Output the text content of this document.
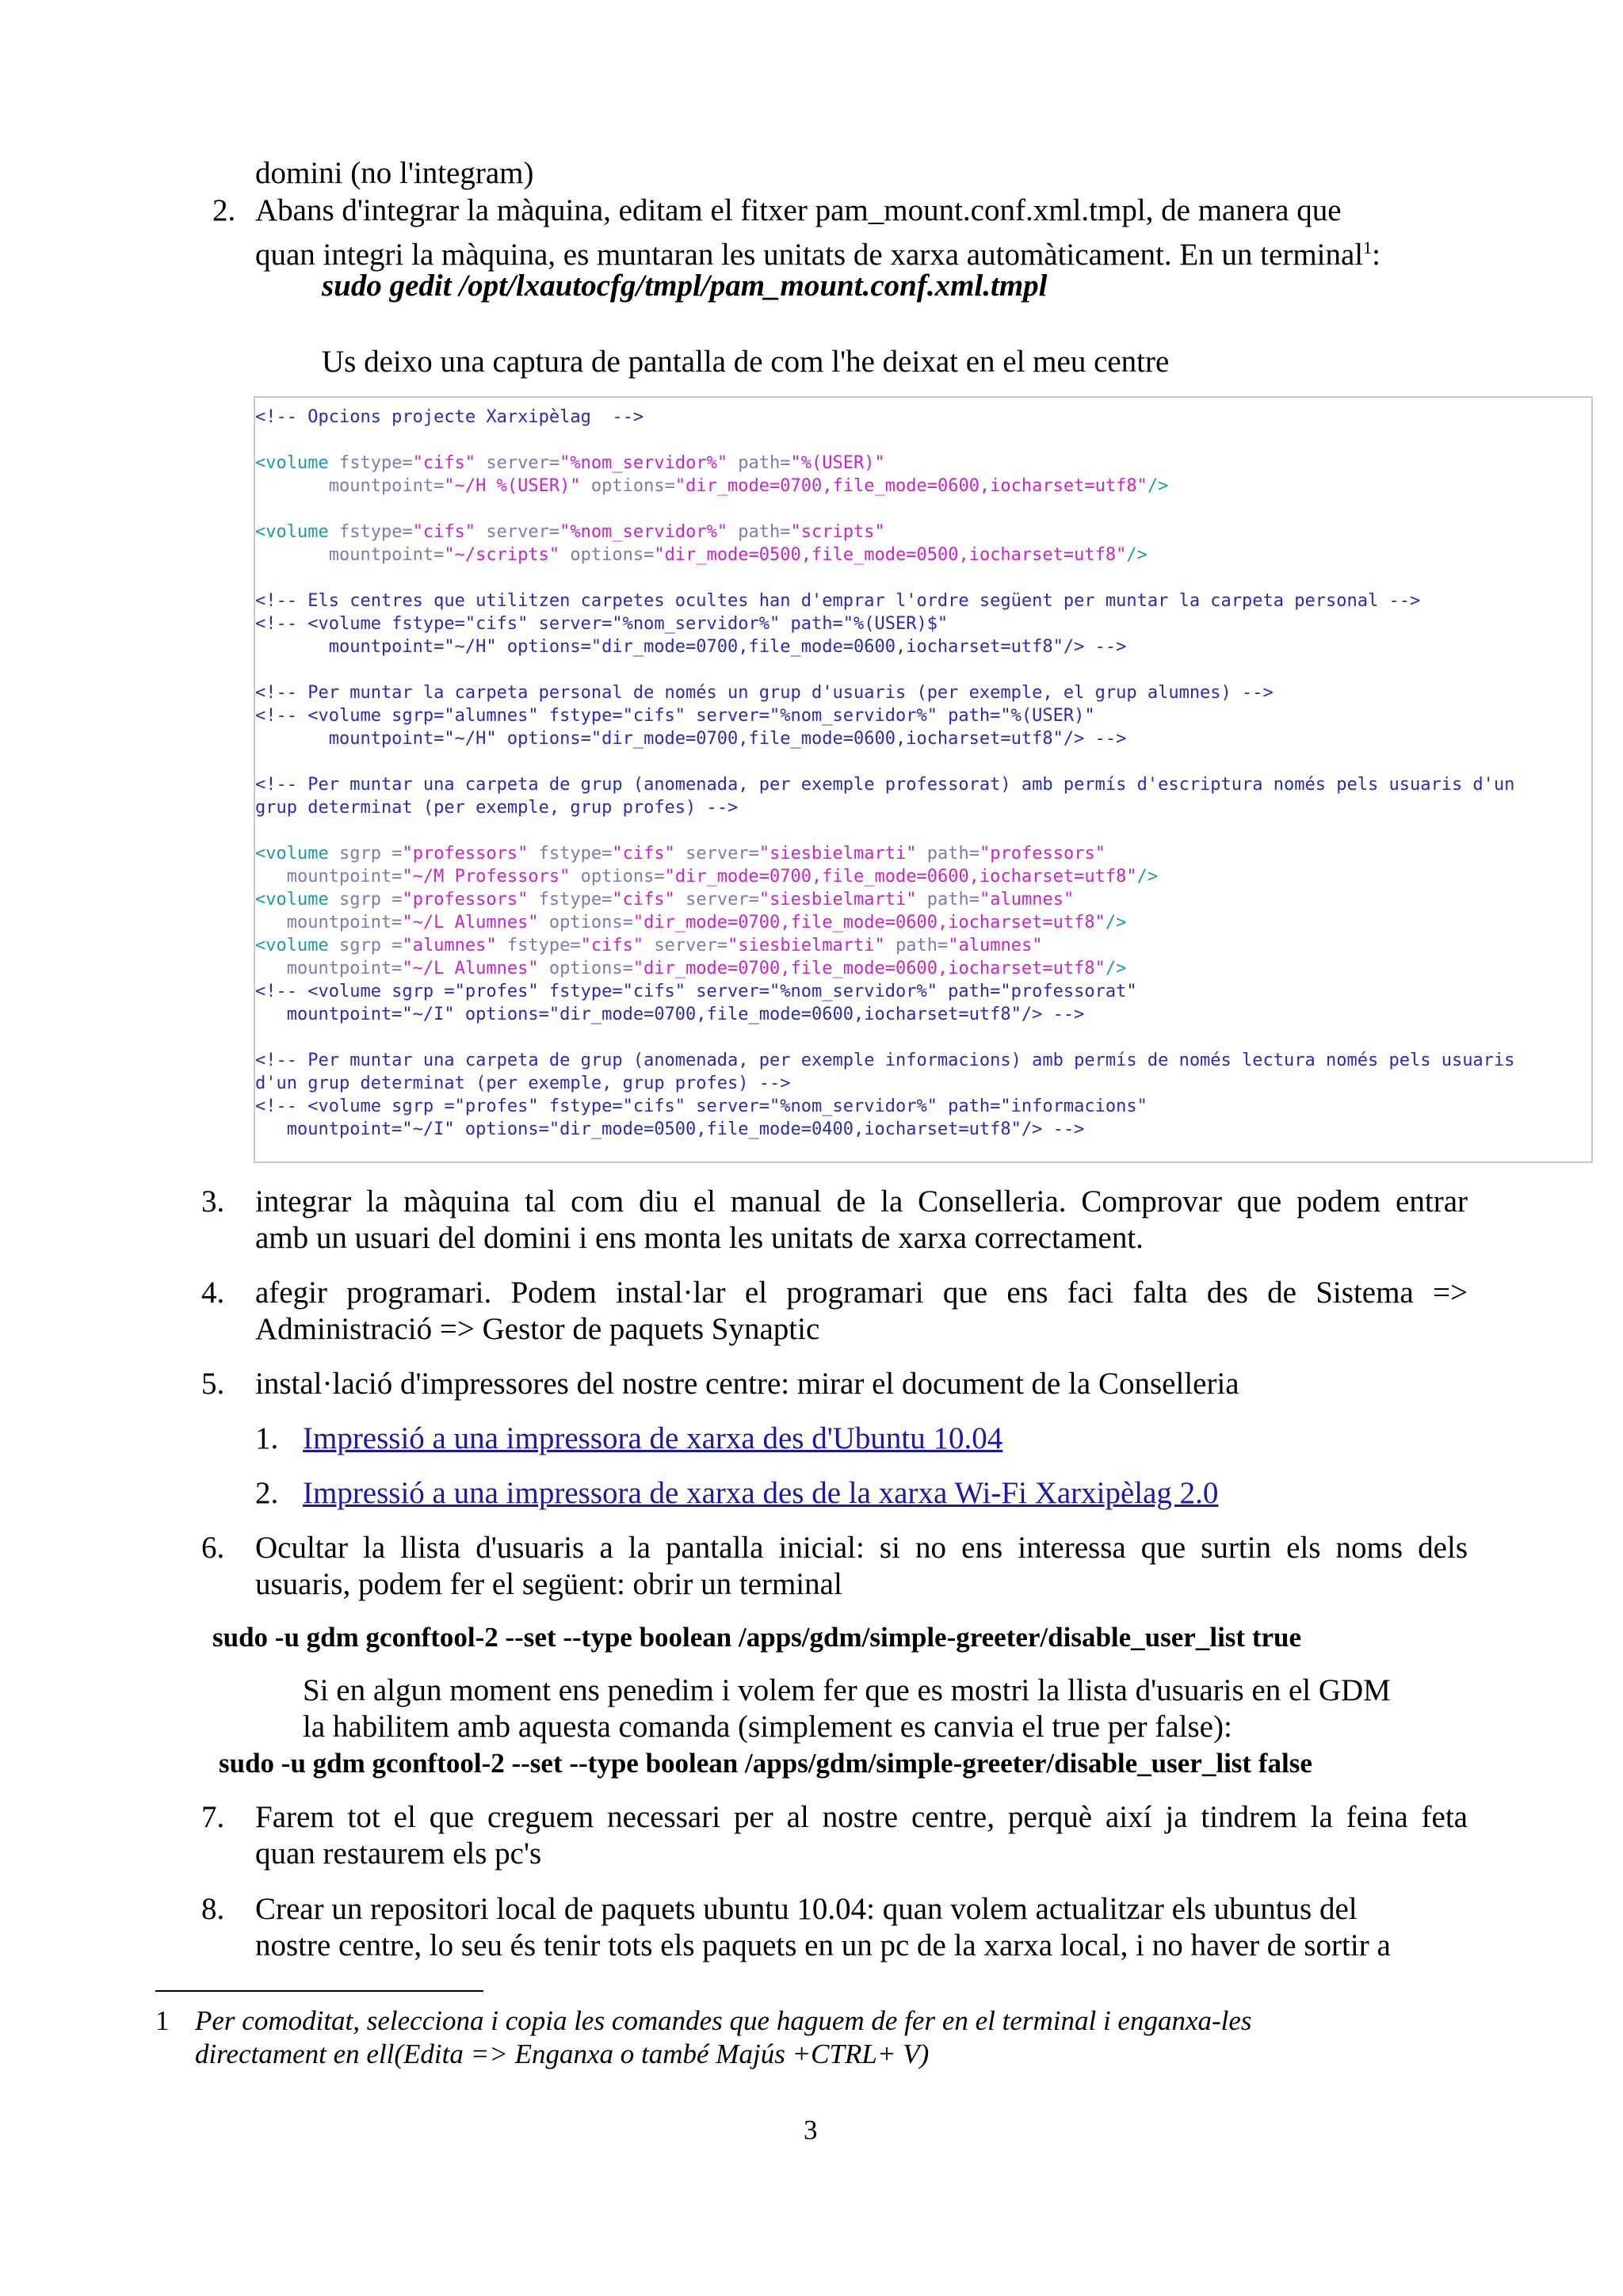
domini (no l'integram)
2. Abans d'integrar la màquina, editam el fitxer pam_mount.conf.xml.tmpl, de manera que
quan integri la màquina, es muntaran les unitats de xarxa automàticament. En un terminal$^1$:
sudo gedit /opt/lxautocfg/tmpl/pam_mount.conf.xml.tmpl
Us deixo una captura de pantalla de com l'he deixat en el meu centre
<!-- Opcions projecte Xarxipèlag  -->
<volume fstype="cifs" server="%nom_servidor%" path="%(USER)"
mountpoint="~/H %(USER)" options="dir_mode=0700,file_mode=0600,iocharset=utf8"/>
<volume fstype="cifs" server="%nom_servidor%" path="scripts"
mountpoint="~/scripts" options="dir_mode=0500,file_mode=0500,iocharset=utf8"/>
<!-- Els centres que utilitzen carpetes ocultes han d'emprar l'ordre següent per muntar la carpeta personal -->
<!-- <volume fstype="cifs" server="%nom_servidor%" path="%(USER)$"
mountpoint="~/H" options="dir_mode=0700,file_mode=0600,iocharset=utf8"/> -->
<!-- Per muntar la carpeta personal de només un grup d'usuaris (per exemple, el grup alumnes) -->
<!-- <volume sgrp="alumnes" fstype="cifs" server="%nom_servidor%" path="%(USER)"
mountpoint="~/H" options="dir_mode=0700,file_mode=0600,iocharset=utf8"/> -->
<!-- Per muntar una carpeta de grup (anomenada, per exemple professorat) amb permís d'escriptura només pels usuaris d'un
grup determinat (per exemple, grup profes) -->
<volume sgrp ="professors" fstype="cifs" server="siesbielmarti" path="professors"
mountpoint="~/M Professors" options="dir_mode=0700,file_mode=0600,iocharset=utf8"/>
<volume sgrp ="professors" fstype="cifs" server="siesbielmarti" path="alumnes"
mountpoint="~/L Alumnes" options="dir_mode=0700,file_mode=0600,iocharset=utf8"/>
<volume sgrp ="alumnes" fstype="cifs" server="siesbielmarti" path="alumnes"
mountpoint="~/L Alumnes" options="dir_mode=0700,file_mode=0600,iocharset=utf8"/>
<!-- <volume sgrp ="profes" fstype="cifs" server="%nom_servidor%" path="professorat"
mountpoint="~/I" options="dir_mode=0700,file_mode=0600,iocharset=utf8"/> -->
<!-- Per muntar una carpeta de grup (anomenada, per exemple informacions) amb permís de només lectura només pels usuaris
d'un grup determinat (per exemple, grup profes) -->
<!-- <volume sgrp ="profes" fstype="cifs" server="%nom_servidor%" path="informacions"
mountpoint="~/I" options="dir_mode=0500,file_mode=0400,iocharset=utf8"/> -->
3. integrar la màquina tal com diu el manual de la Conselleria. Comprovar que podem entrar
amb un usuari del domini i ens monta les unitats de xarxa correctament.
4. afegir programari. Podem instal·lar el programari que ens faci falta des de Sistema =>
Administració => Gestor de paquets Synaptic
5. instal·lació d'impressores del nostre centre: mirar el document de la Conselleria
1. Impressió a una impressora de xarxa des d'Ubuntu 10.04
2. Impressió a una impressora de xarxa des de la xarxa Wi-Fi Xarxipèlag 2.0
6. Ocultar la llista d'usuaris a la pantalla inicial: si no ens interessa que surtin els noms dels
usuaris, podem fer el següent: obrir un terminal
sudo -u gdm gconftool-2 --set --type boolean /apps/gdm/simple-greeter/disable_user_list true
Si en algun moment ens penedim i volem fer que es mostri la llista d'usuaris en el GDM
la habilitem amb aquesta comanda (simplement es canvia el true per false):
sudo -u gdm gconftool-2 --set --type boolean /apps/gdm/simple-greeter/disable_user_list false
7. Farem tot el que creguem necessari per al nostre centre, perquè així ja tindrem la feina feta
quan restaurem els pc's
8. Crear un repositori local de paquets ubuntu 10.04: quan volem actualitzar els ubuntus del
nostre centre, lo seu és tenir tots els paquets en un pc de la xarxa local, i no haver de sortir a
1 Per comoditat, selecciona i copia les comandes que haguem de fer en el terminal i enganxa-les
directament en ell(Edita => Enganxa o també Majús +CTRL+ V)
3
